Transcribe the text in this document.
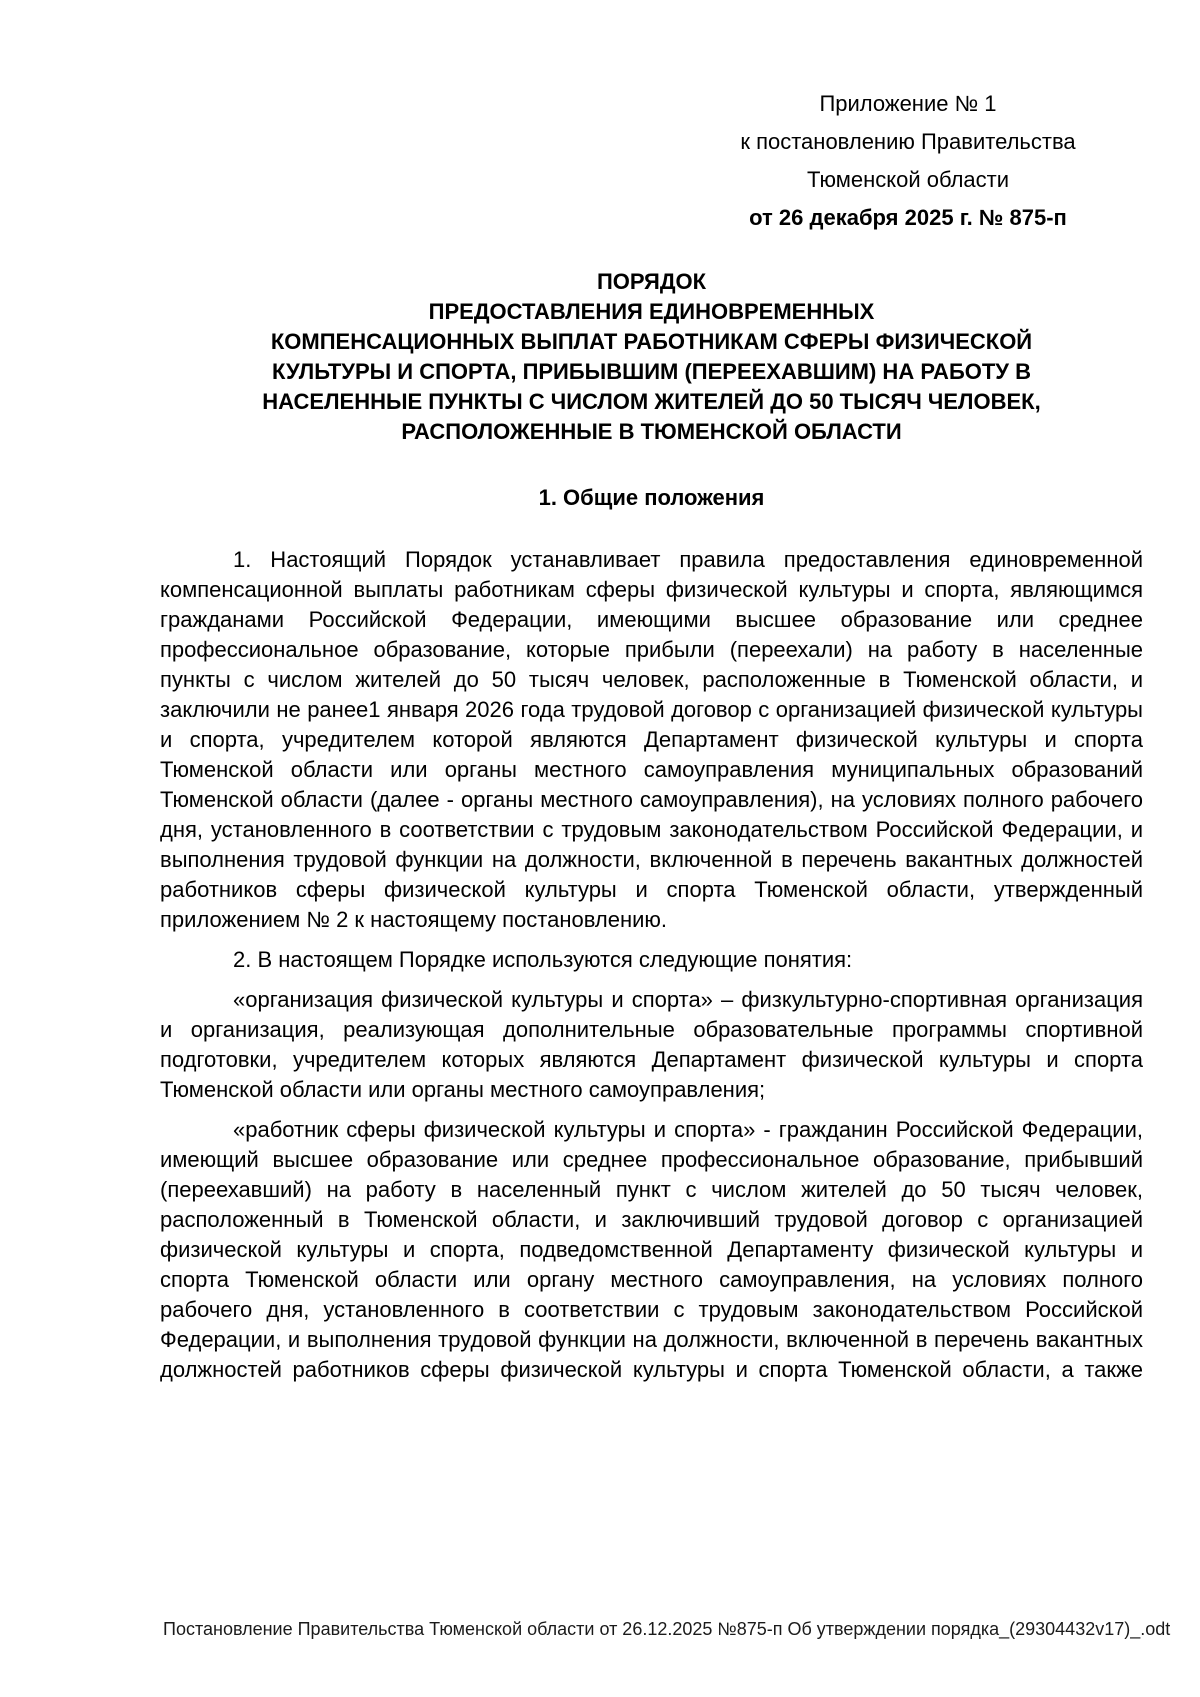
Приложение № 1
к постановлению Правительства
Тюменской области
от 26 декабря 2025 г. № 875-п
ПОРЯДОК
ПРЕДОСТАВЛЕНИЯ ЕДИНОВРЕМЕННЫХ
КОМПЕНСАЦИОННЫХ ВЫПЛАТ РАБОТНИКАМ СФЕРЫ ФИЗИЧЕСКОЙ
КУЛЬТУРЫ И СПОРТА, ПРИБЫВШИМ (ПЕРЕЕХАВШИМ) НА РАБОТУ В
НАСЕЛЕННЫЕ ПУНКТЫ С ЧИСЛОМ ЖИТЕЛЕЙ ДО 50 ТЫСЯЧ ЧЕЛОВЕК,
РАСПОЛОЖЕННЫЕ В ТЮМЕНСКОЙ ОБЛАСТИ
1. Общие положения

1. Настоящий Порядок устанавливает правила предоставления единовременной компенсационной выплаты работникам сферы физической культуры и спорта, являющимся гражданами Российской Федерации, имеющими высшее образование или среднее профессиональное образование, которые прибыли (переехали) на работу в населенные пункты с числом жителей до 50 тысяч человек, расположенные в Тюменской области, и заключили не ранее1 января 2026 года трудовой договор с организацией физической культуры и спорта, учредителем которой являются Департамент физической культуры и спорта Тюменской области или органы местного самоуправления муниципальных образований Тюменской области (далее - органы местного самоуправления), на условиях полного рабочего дня, установленного в соответствии с трудовым законодательством Российской Федерации, и выполнения трудовой функции на должности, включенной в перечень вакантных должностей работников сферы физической культуры и спорта Тюменской области, утвержденный приложением № 2 к настоящему постановлению.

2. В настоящем Порядке используются следующие понятия:

«организация физической культуры и спорта» – физкультурно-спортивная организация и организация, реализующая дополнительные образовательные программы спортивной подготовки, учредителем которых являются Департамент физической культуры и спорта Тюменской области или органы местного самоуправления;

«работник сферы физической культуры и спорта» - гражданин Российской Федерации, имеющий высшее образование или среднее профессиональное образование, прибывший (переехавший) на работу в населенный пункт с числом жителей до 50 тысяч человек, расположенный в Тюменской области, и заключивший трудовой договор с организацией физической культуры и спорта, подведомственной Департаменту физической культуры и спорта Тюменской области или органу местного самоуправления, на условиях полного рабочего дня, установленного в соответствии с трудовым законодательством Российской Федерации, и выполнения трудовой функции на должности, включенной в перечень вакантных должностей работников сферы физической культуры и спорта Тюменской области, а также

Постановление Правительства Тюменской области от 26.12.2025 №875-п Об утверждении порядка_(29304432v17)_.odt
